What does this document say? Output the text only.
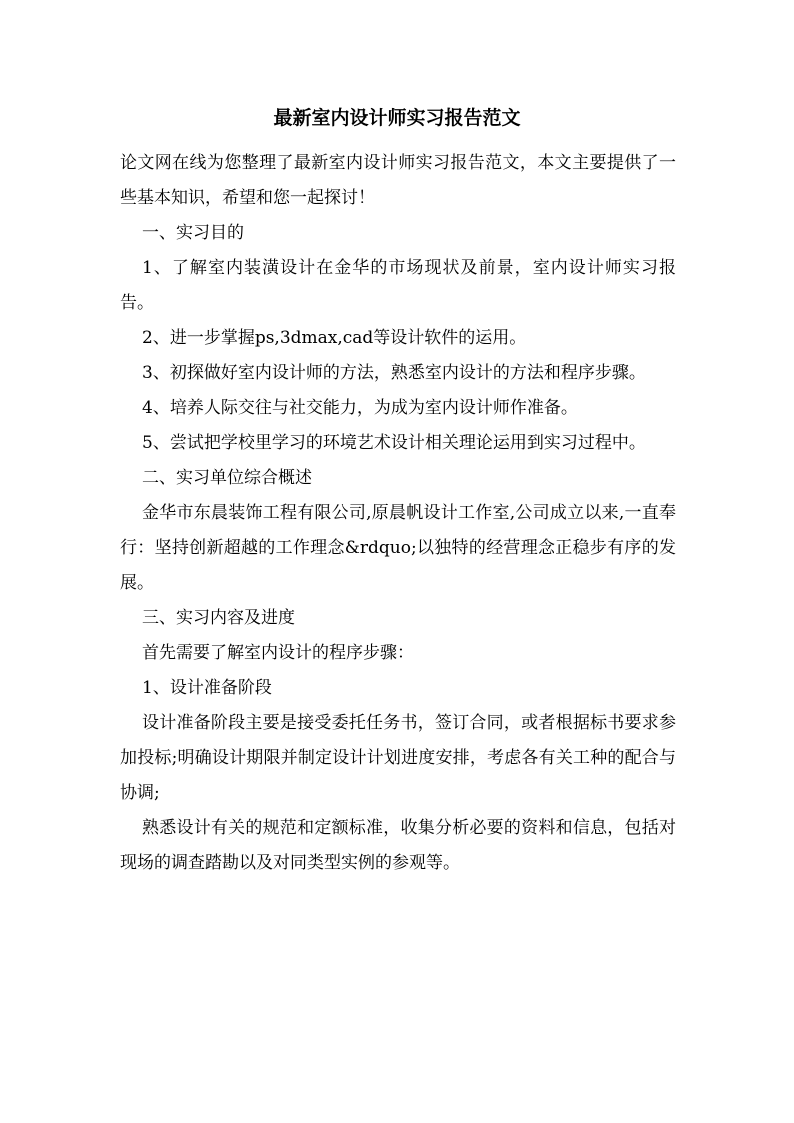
最新室内设计师实习报告范文

论文网在线为您整理了最新室内设计师实习报告范文，本文主要提供了一些基本知识，希望和您一起探讨！

一、实习目的

1、了解室内装潢设计在金华的市场现状及前景，室内设计师实习报告。

2、进一步掌握ps,3dmax,cad等设计软件的运用。

3、初探做好室内设计师的方法，熟悉室内设计的方法和程序步骤。

4、培养人际交往与社交能力，为成为室内设计师作准备。

5、尝试把学校里学习的环境艺术设计相关理论运用到实习过程中。

二、实习单位综合概述

金华市东晨装饰工程有限公司,原晨帆设计工作室,公司成立以来,一直奉行：坚持创新超越的工作理念&rdquo;以独特的经营理念正稳步有序的发展。

三、实习内容及进度

首先需要了解室内设计的程序步骤：

1、设计准备阶段

设计准备阶段主要是接受委托任务书，签订合同，或者根据标书要求参加投标;明确设计期限并制定设计计划进度安排，考虑各有关工种的配合与协调;

熟悉设计有关的规范和定额标准，收集分析必要的资料和信息，包括对现场的调查踏勘以及对同类型实例的参观等。
